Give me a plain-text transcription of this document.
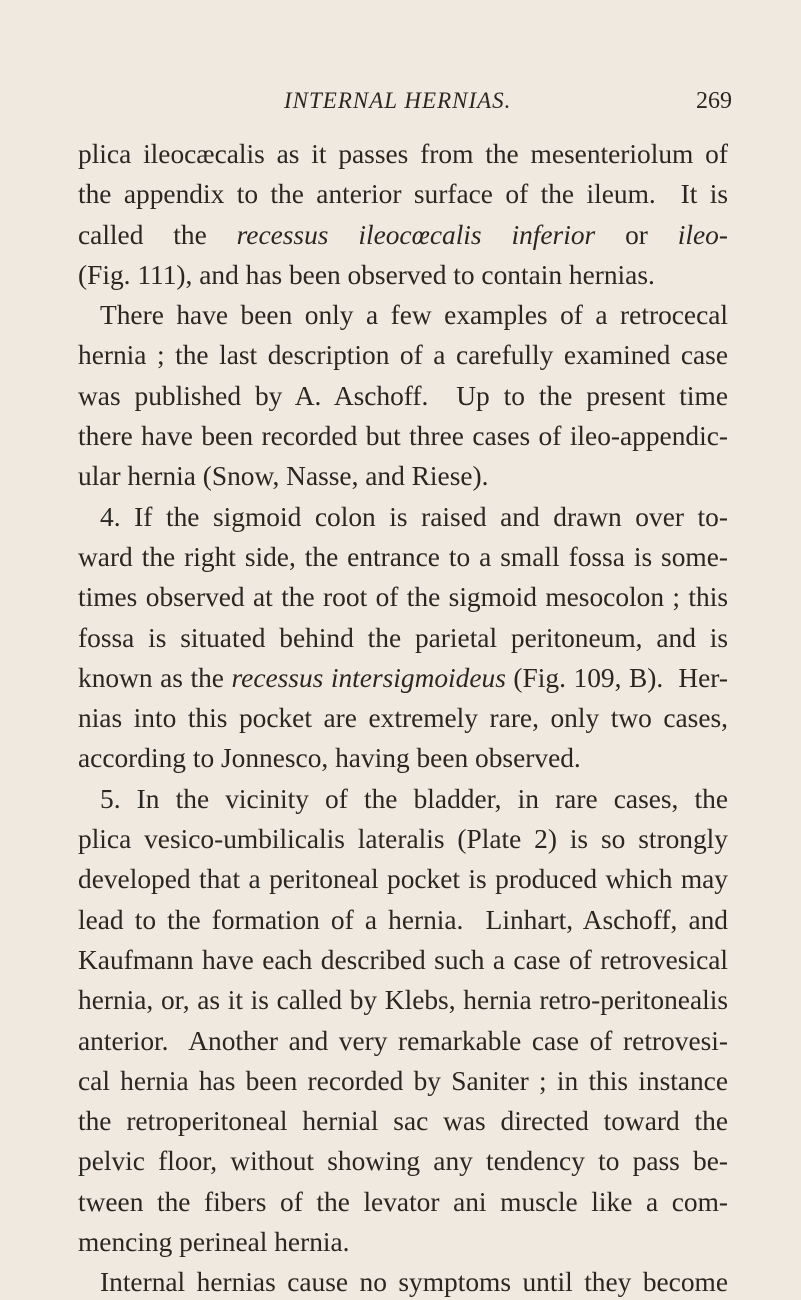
INTERNAL HERNIAS.	269
plica ileocæcalis as it passes from the mesenteriolum of
the appendix to the anterior surface of the ileum.  It is
called the recessus ileocœcalis inferior or ileo-
(Fig. 111), and has been observed to contain hernias.
There have been only a few examples of a retrocecal
hernia ; the last description of a carefully examined case
was published by A. Aschoff.  Up to the present time
there have been recorded but three cases of ileo-appendic-
ular hernia (Snow, Nasse, and Riese).
4. If the sigmoid colon is raised and drawn over to-
ward the right side, the entrance to a small fossa is some-
times observed at the root of the sigmoid mesocolon ; this
fossa is situated behind the parietal peritoneum, and is
known as the recessus intersigmoideus (Fig. 109, B).  Her-
nias into this pocket are extremely rare, only two cases,
according to Jonnesco, having been observed.
5. In the vicinity of the bladder, in rare cases, the
plica vesico-umbilicalis lateralis (Plate 2) is so strongly
developed that a peritoneal pocket is produced which may
lead to the formation of a hernia.  Linhart, Aschoff, and
Kaufmann have each described such a case of retrovesical
hernia, or, as it is called by Klebs, hernia retro-peritonealis
anterior.  Another and very remarkable case of retrovesi-
cal hernia has been recorded by Saniter ; in this instance
the retroperitoneal hernial sac was directed toward the
pelvic floor, without showing any tendency to pass be-
tween the fibers of the levator ani muscle like a com-
mencing perineal hernia.
Internal hernias cause no symptoms until they become
